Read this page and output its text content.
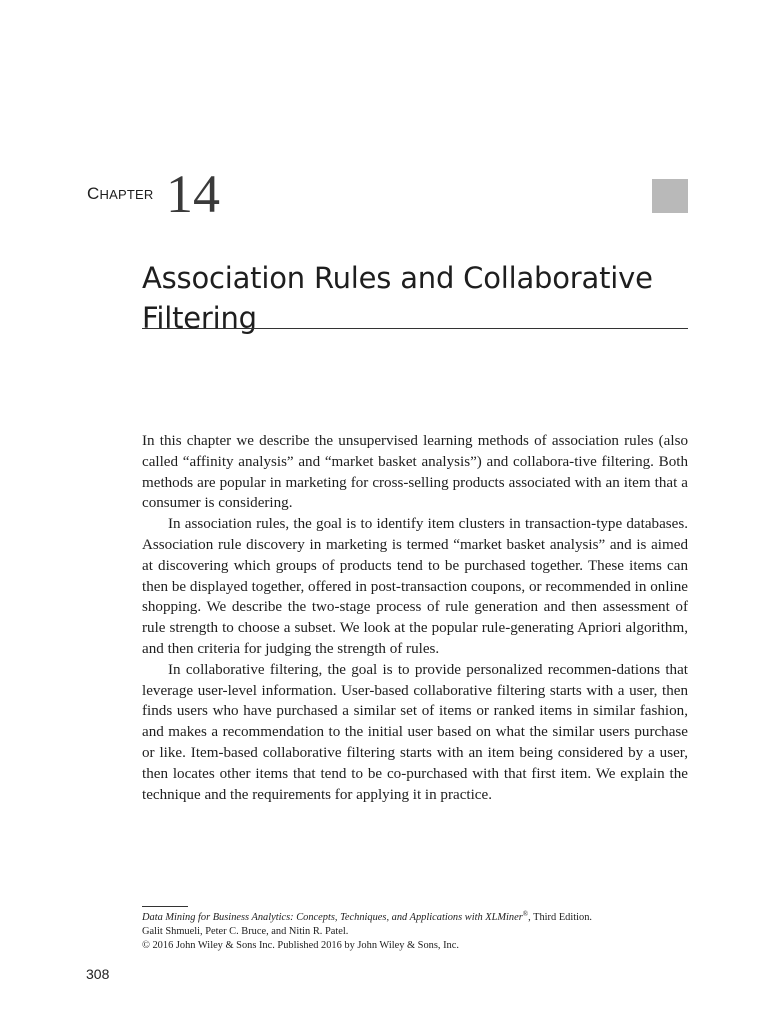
CHAPTER 14
Association Rules and Collaborative Filtering

In this chapter we describe the unsupervised learning methods of association rules (also called “affinity analysis” and “market basket analysis”) and collabora-tive filtering. Both methods are popular in marketing for cross-selling products associated with an item that a consumer is considering.

In association rules, the goal is to identify item clusters in transaction-type databases. Association rule discovery in marketing is termed “market basket analysis” and is aimed at discovering which groups of products tend to be purchased together. These items can then be displayed together, offered in post-transaction coupons, or recommended in online shopping. We describe the two-stage process of rule generation and then assessment of rule strength to choose a subset. We look at the popular rule-generating Apriori algorithm, and then criteria for judging the strength of rules.

In collaborative filtering, the goal is to provide personalized recommen-dations that leverage user-level information. User-based collaborative filtering starts with a user, then finds users who have purchased a similar set of items or ranked items in similar fashion, and makes a recommendation to the initial user based on what the similar users purchase or like. Item-based collaborative filtering starts with an item being considered by a user, then locates other items that tend to be co-purchased with that first item. We explain the technique and the requirements for applying it in practice.

Data Mining for Business Analytics: Concepts, Techniques, and Applications with XLMiner®, Third Edition.
Galit Shmueli, Peter C. Bruce, and Nitin R. Patel.
© 2016 John Wiley & Sons Inc. Published 2016 by John Wiley & Sons, Inc.
308
